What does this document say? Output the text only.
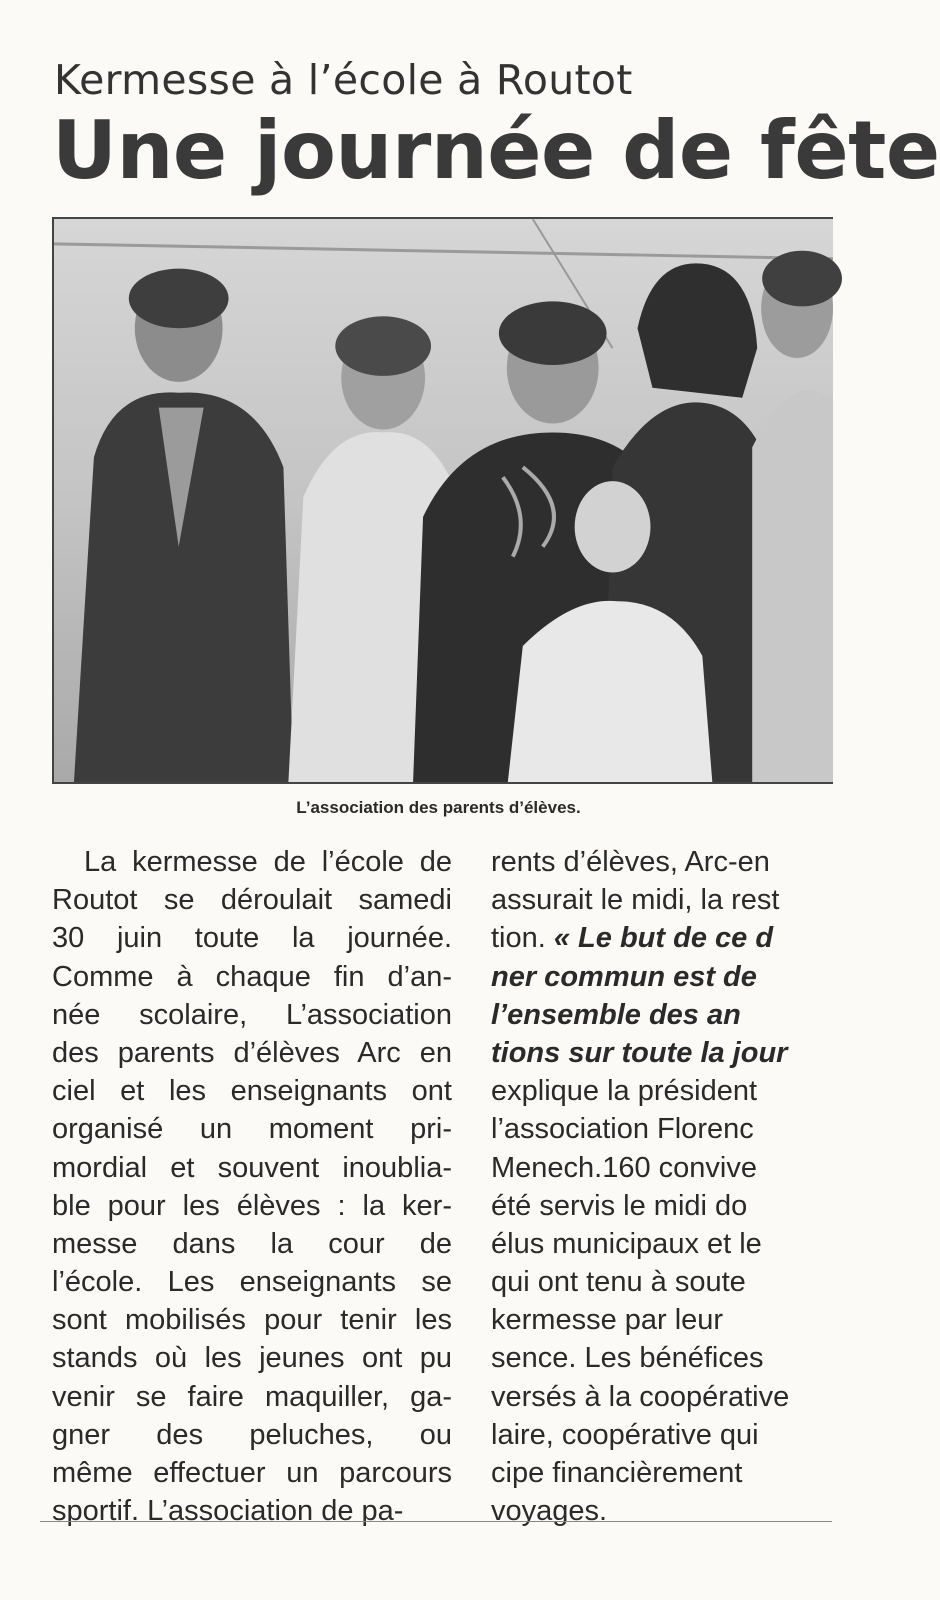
Kermesse à l’école à Routot
Une journée de fête

L’association des parents d’élèves.

La kermesse de l’école de
Routot se déroulait samedi
30 juin toute la journée.
Comme à chaque fin d’an-
née scolaire, L’association
des parents d’élèves Arc en
ciel et les enseignants ont
organisé un moment pri-
mordial et souvent inoubliа-
ble pour les élèves : la ker-
messe dans la cour de
l’école. Les enseignants se
sont mobilisés pour tenir les
stands où les jeunes ont pu
venir se faire maquiller, ga-
gner des peluches, ou
même effectuer un parcours
sportif. L’association de pa-
rents d’élèves, Arc-en
assurait le midi, la rest
tion. « Le but de ce d
ner commun est de
l’ensemble des an
tions sur toute la jour
explique la président
l’association Florenc
Menech.160 convive
été servis le midi do
élus municipaux et le
qui ont tenu à soute
kermesse par leur
sence. Les bénéfices
versés à la coopérative
laire, coopérative qui
cipe financièrement
voyages.
